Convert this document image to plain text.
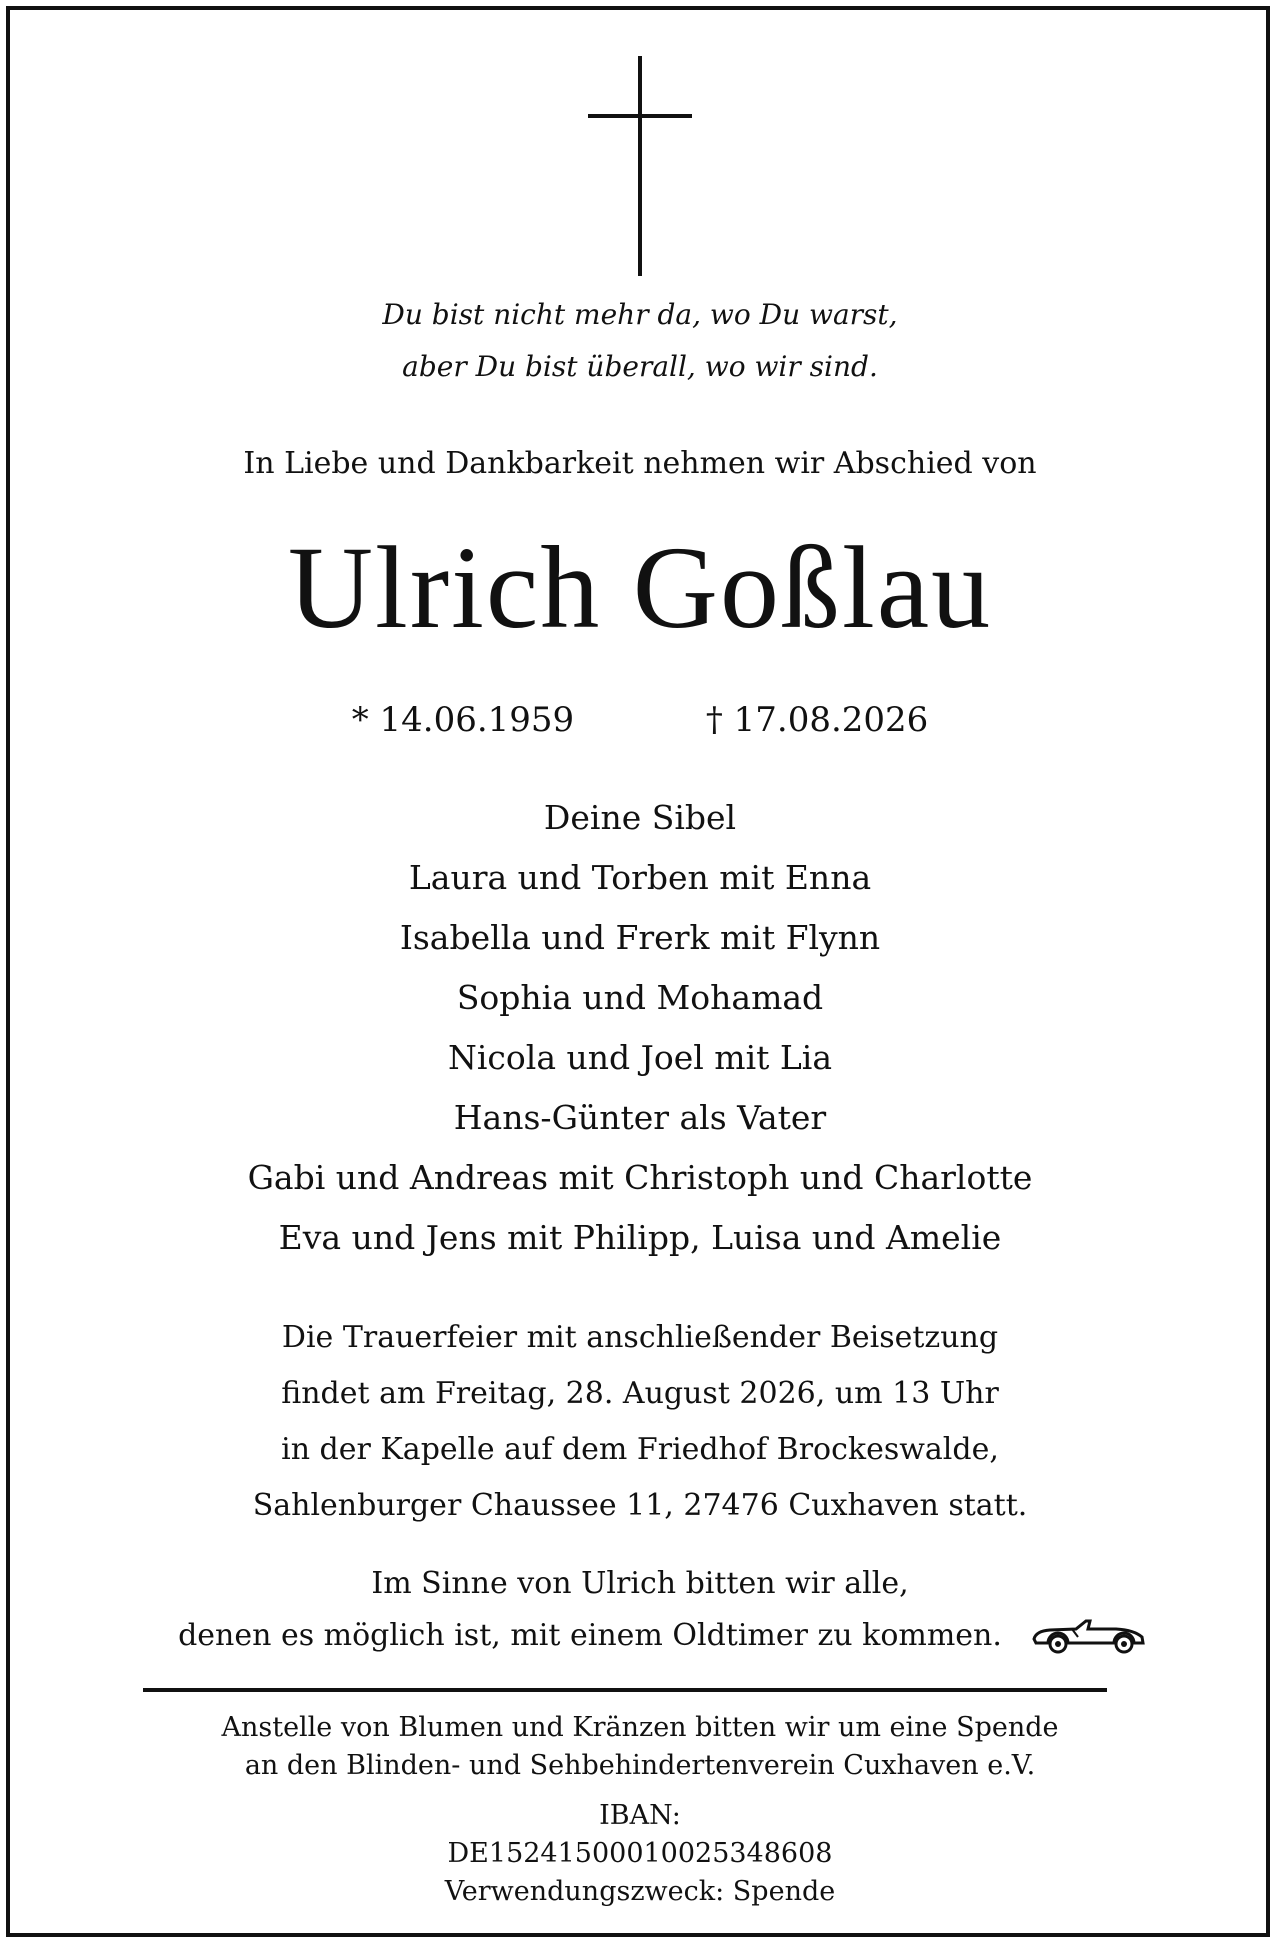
Du bist nicht mehr da, wo Du warst,
aber Du bist überall, wo wir sind.
In Liebe und Dankbarkeit nehmen wir Abschied von
Ulrich Goßlau
* 14.06.1959	† 17.08.2026
Deine Sibel
Laura und Torben mit Enna
Isabella und Frerk mit Flynn
Sophia und Mohamad
Nicola und Joel mit Lia
Hans-Günter als Vater
Gabi und Andreas mit Christoph und Charlotte
Eva und Jens mit Philipp, Luisa und Amelie
Die Trauerfeier mit anschließender Beisetzung
findet am Freitag, 28. August 2026, um 13 Uhr
in der Kapelle auf dem Friedhof Brockeswalde,
Sahlenburger Chaussee 11, 27476 Cuxhaven statt.
Im Sinne von Ulrich bitten wir alle,
denen es möglich ist, mit einem Oldtimer zu kommen.
Anstelle von Blumen und Kränzen bitten wir um eine Spende
an den Blinden- und Sehbehindertenverein Cuxhaven e.V.
IBAN:
DE15241500010025348608
Verwendungszweck: Spende
